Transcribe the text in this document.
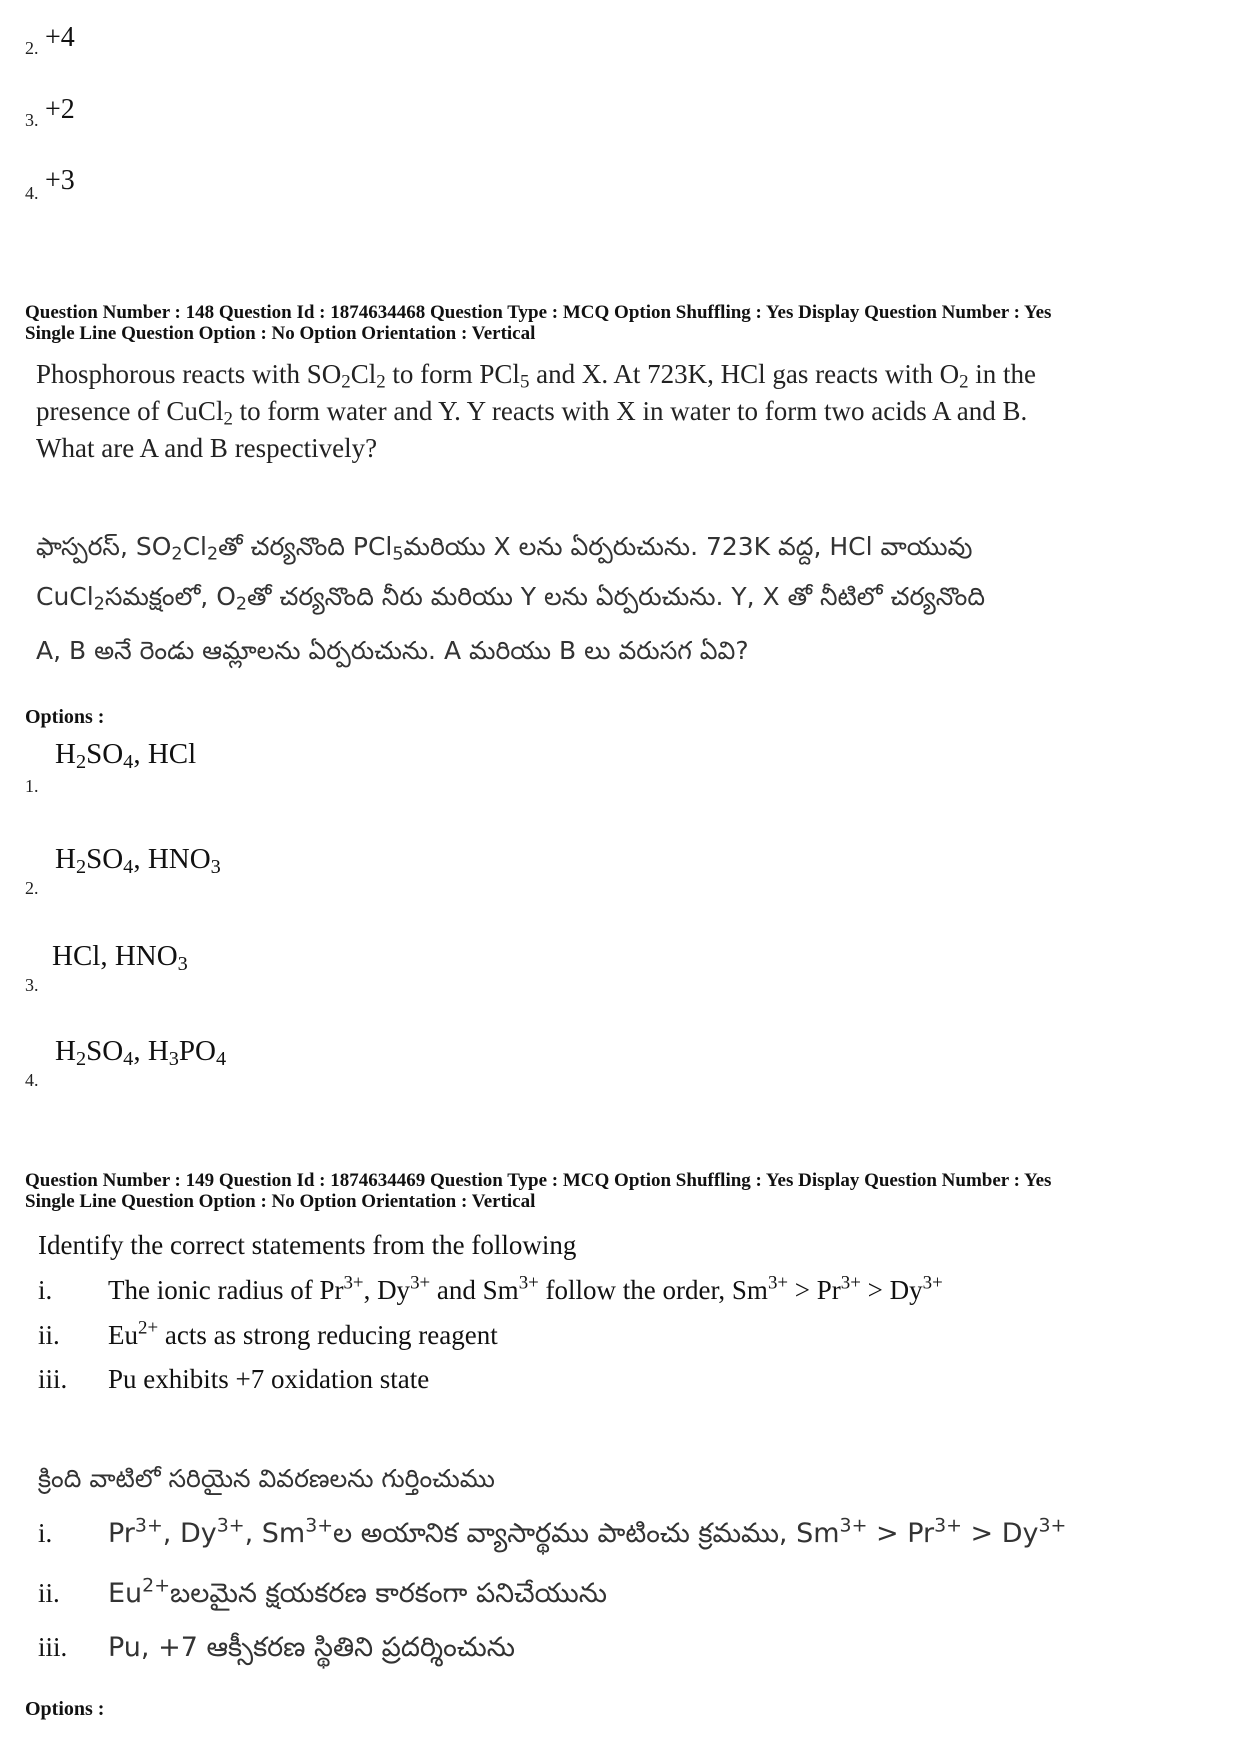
2. +4
3. +2
4. +3
Question Number : 148 Question Id : 1874634468 Question Type : MCQ Option Shuffling : Yes Display Question Number : Yes
Single Line Question Option : No Option Orientation : Vertical
Phosphorous reacts with $SO_2Cl_2$ to form PCl$_5$ and X. At 723K, HCl gas reacts with $O_2$ in the
presence of CuCl$_2$ to form water and Y. Y reacts with X in water to form two acids A and B.
What are A and B respectively?
ఫాస్పరస్, $SO_2Cl_2తో$ చర్యనొంది PCl$_5$మరియు X లను ఏర్పరుచును. 723K వద్ద, HCl వాయువు
CuCl$_2$సమక్షంలో, $O_2తో$ చర్యనొంది నీరు మరియు Y లను ఏర్పరుచును. Y, X తో నీటిలో చర్యనొంది
A, B అనే రెండు ఆమ్లాలను ఏర్పరుచును. A మరియు B లు వరుసగ ఏవి?
Options :
1.
$H_2SO_4$, HCl
2.
$H_2SO_4$, $HNO_3$
3.
HCl, $HNO_3$
4.
$H_2SO_4$, $H_3PO_4$
Question Number : 149 Question Id : 1874634469 Question Type : MCQ Option Shuffling : Yes Display Question Number : Yes
Single Line Question Option : No Option Orientation : Vertical
Identify the correct statements from the following
i. The ionic radius of $Pr^{3+}$, $Dy^{3+}$ and $Sm^{3+}$ follow the order, $Sm^{3+} > Pr^{3+} > Dy^{3+}$
ii. $Eu^{2+}$ acts as strong reducing reagent
iii. Pu exhibits +7 oxidation state
క్రింది వాటిలో సరియైన వివరణలను గుర్తించుము
i. $Pr^{3+}$, $Dy^{3+}$, $Sm^{3+}ల$ అయానిక వ్యాసార్థము పాటించు క్రమము, $Sm^{3+} > Pr^{3+} > Dy^{3+}$
ii. $Eu^{2+}బలమైన$ క్షయకరణ కారకంగా పనిచేయును
iii. Pu, +7 ఆక్సీకరణ స్థితిని ప్రదర్శించును
Options :
